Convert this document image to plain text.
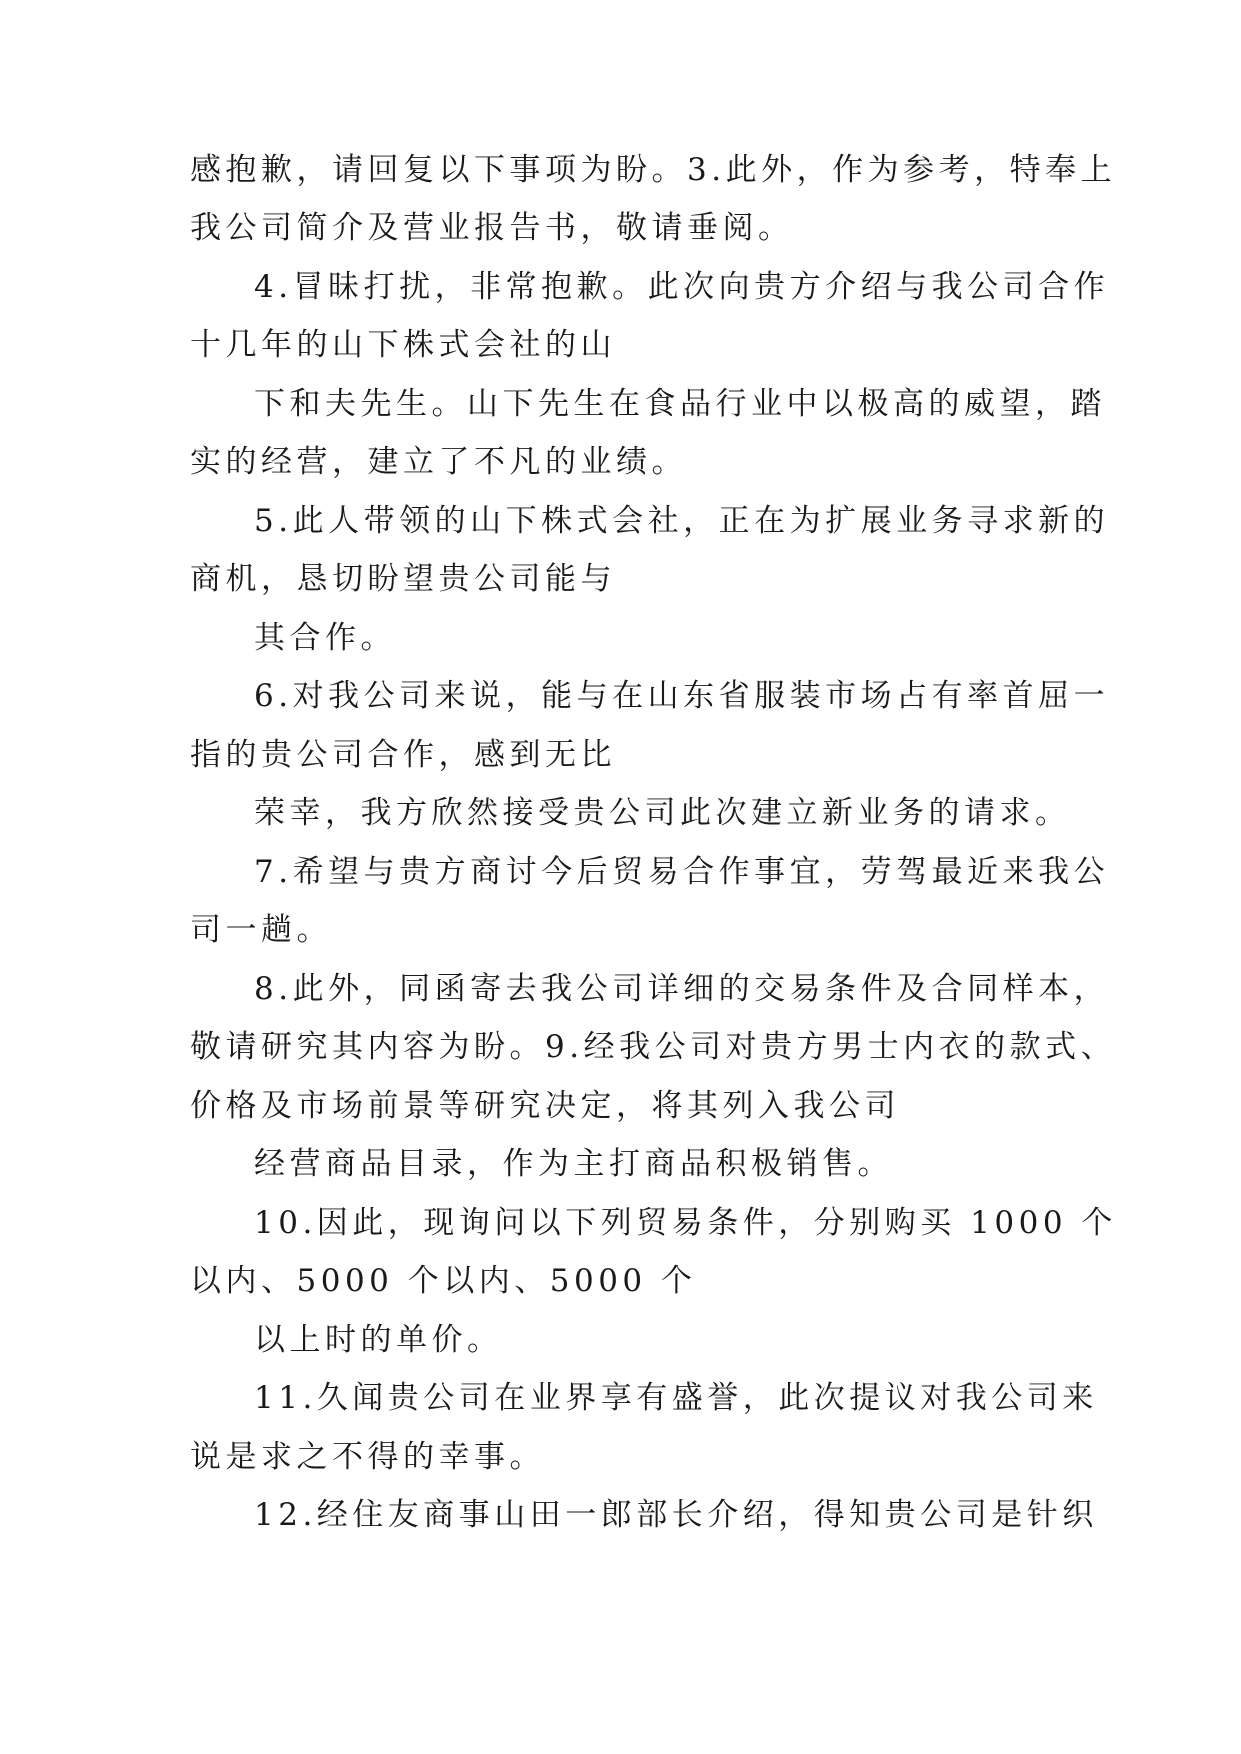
感抱歉，请回复以下事项为盼。3.此外，作为参考，特奉上
我公司简介及营业报告书，敬请垂阅。
4.冒昧打扰，非常抱歉。此次向贵方介绍与我公司合作
十几年的山下株式会社的山
下和夫先生。山下先生在食品行业中以极高的威望，踏
实的经营，建立了不凡的业绩。
5.此人带领的山下株式会社，正在为扩展业务寻求新的
商机，恳切盼望贵公司能与
其合作。
6.对我公司来说，能与在山东省服装市场占有率首屈一
指的贵公司合作，感到无比
荣幸，我方欣然接受贵公司此次建立新业务的请求。
7.希望与贵方商讨今后贸易合作事宜，劳驾最近来我公
司一趟。
8.此外，同函寄去我公司详细的交易条件及合同样本，
敬请研究其内容为盼。9.经我公司对贵方男士内衣的款式、
价格及市场前景等研究决定，将其列入我公司
经营商品目录，作为主打商品积极销售。
10.因此，现询问以下列贸易条件，分别购买 1000 个
以内、5000 个以内、5000 个
以上时的单价。
11.久闻贵公司在业界享有盛誉，此次提议对我公司来
说是求之不得的幸事。
12.经住友商事山田一郎部长介绍，得知贵公司是针织
